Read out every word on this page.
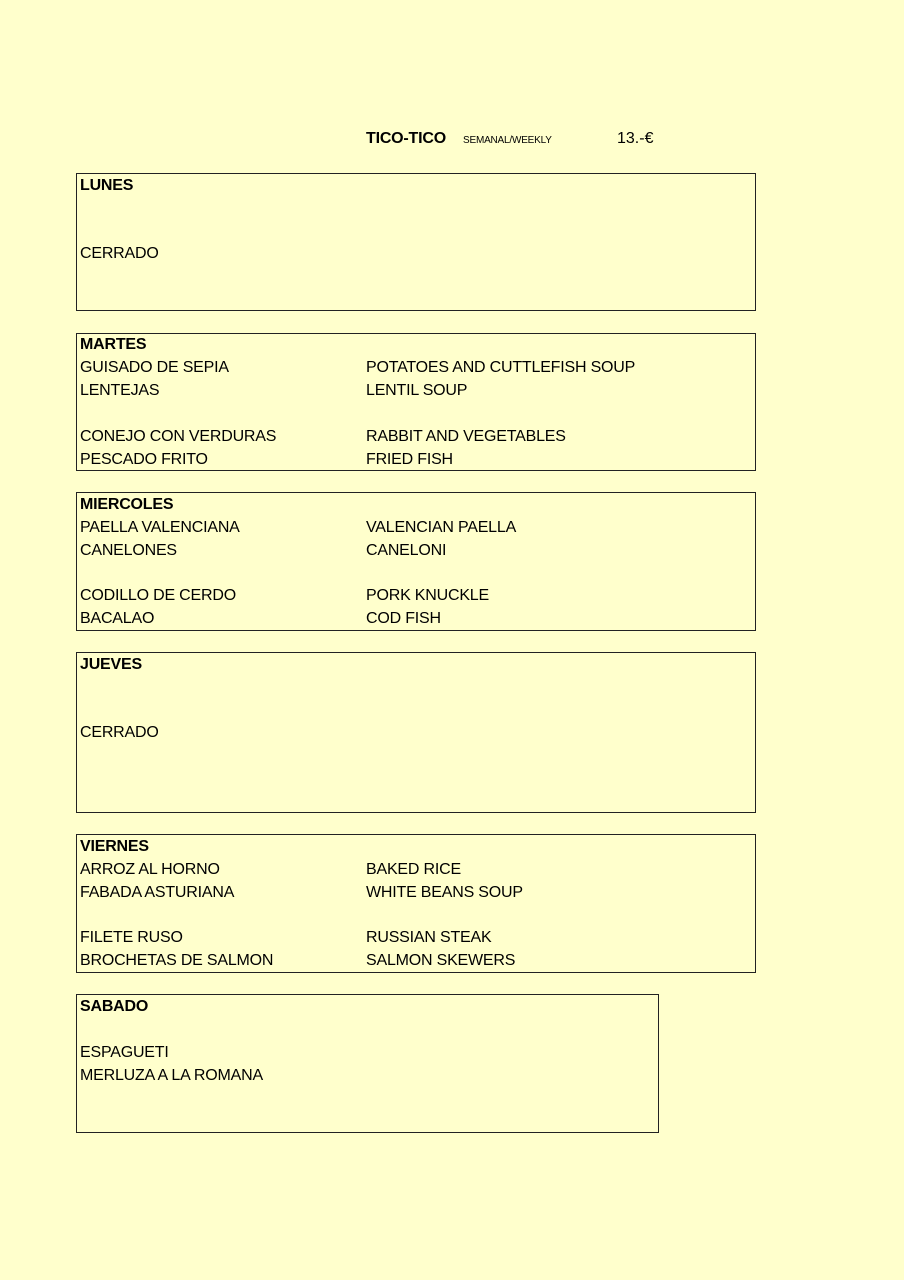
TICO-TICO SEMANAL/WEEKLY	13.-€
LUNES
CERRADO
MARTES
GUISADO DE SEPIA	POTATOES AND CUTTLEFISH SOUP
LENTEJAS	LENTIL SOUP
CONEJO CON VERDURAS	RABBIT AND VEGETABLES
PESCADO FRITO	FRIED FISH
MIERCOLES
PAELLA VALENCIANA	VALENCIAN PAELLA
CANELONES	CANELONI
CODILLO DE CERDO	PORK KNUCKLE
BACALAO	COD FISH
JUEVES
CERRADO
VIERNES
ARROZ AL HORNO	BAKED RICE
FABADA ASTURIANA	WHITE BEANS SOUP
FILETE RUSO	RUSSIAN STEAK
BROCHETAS DE SALMON	SALMON SKEWERS
SABADO
ESPAGUETI
MERLUZA A LA ROMANA
